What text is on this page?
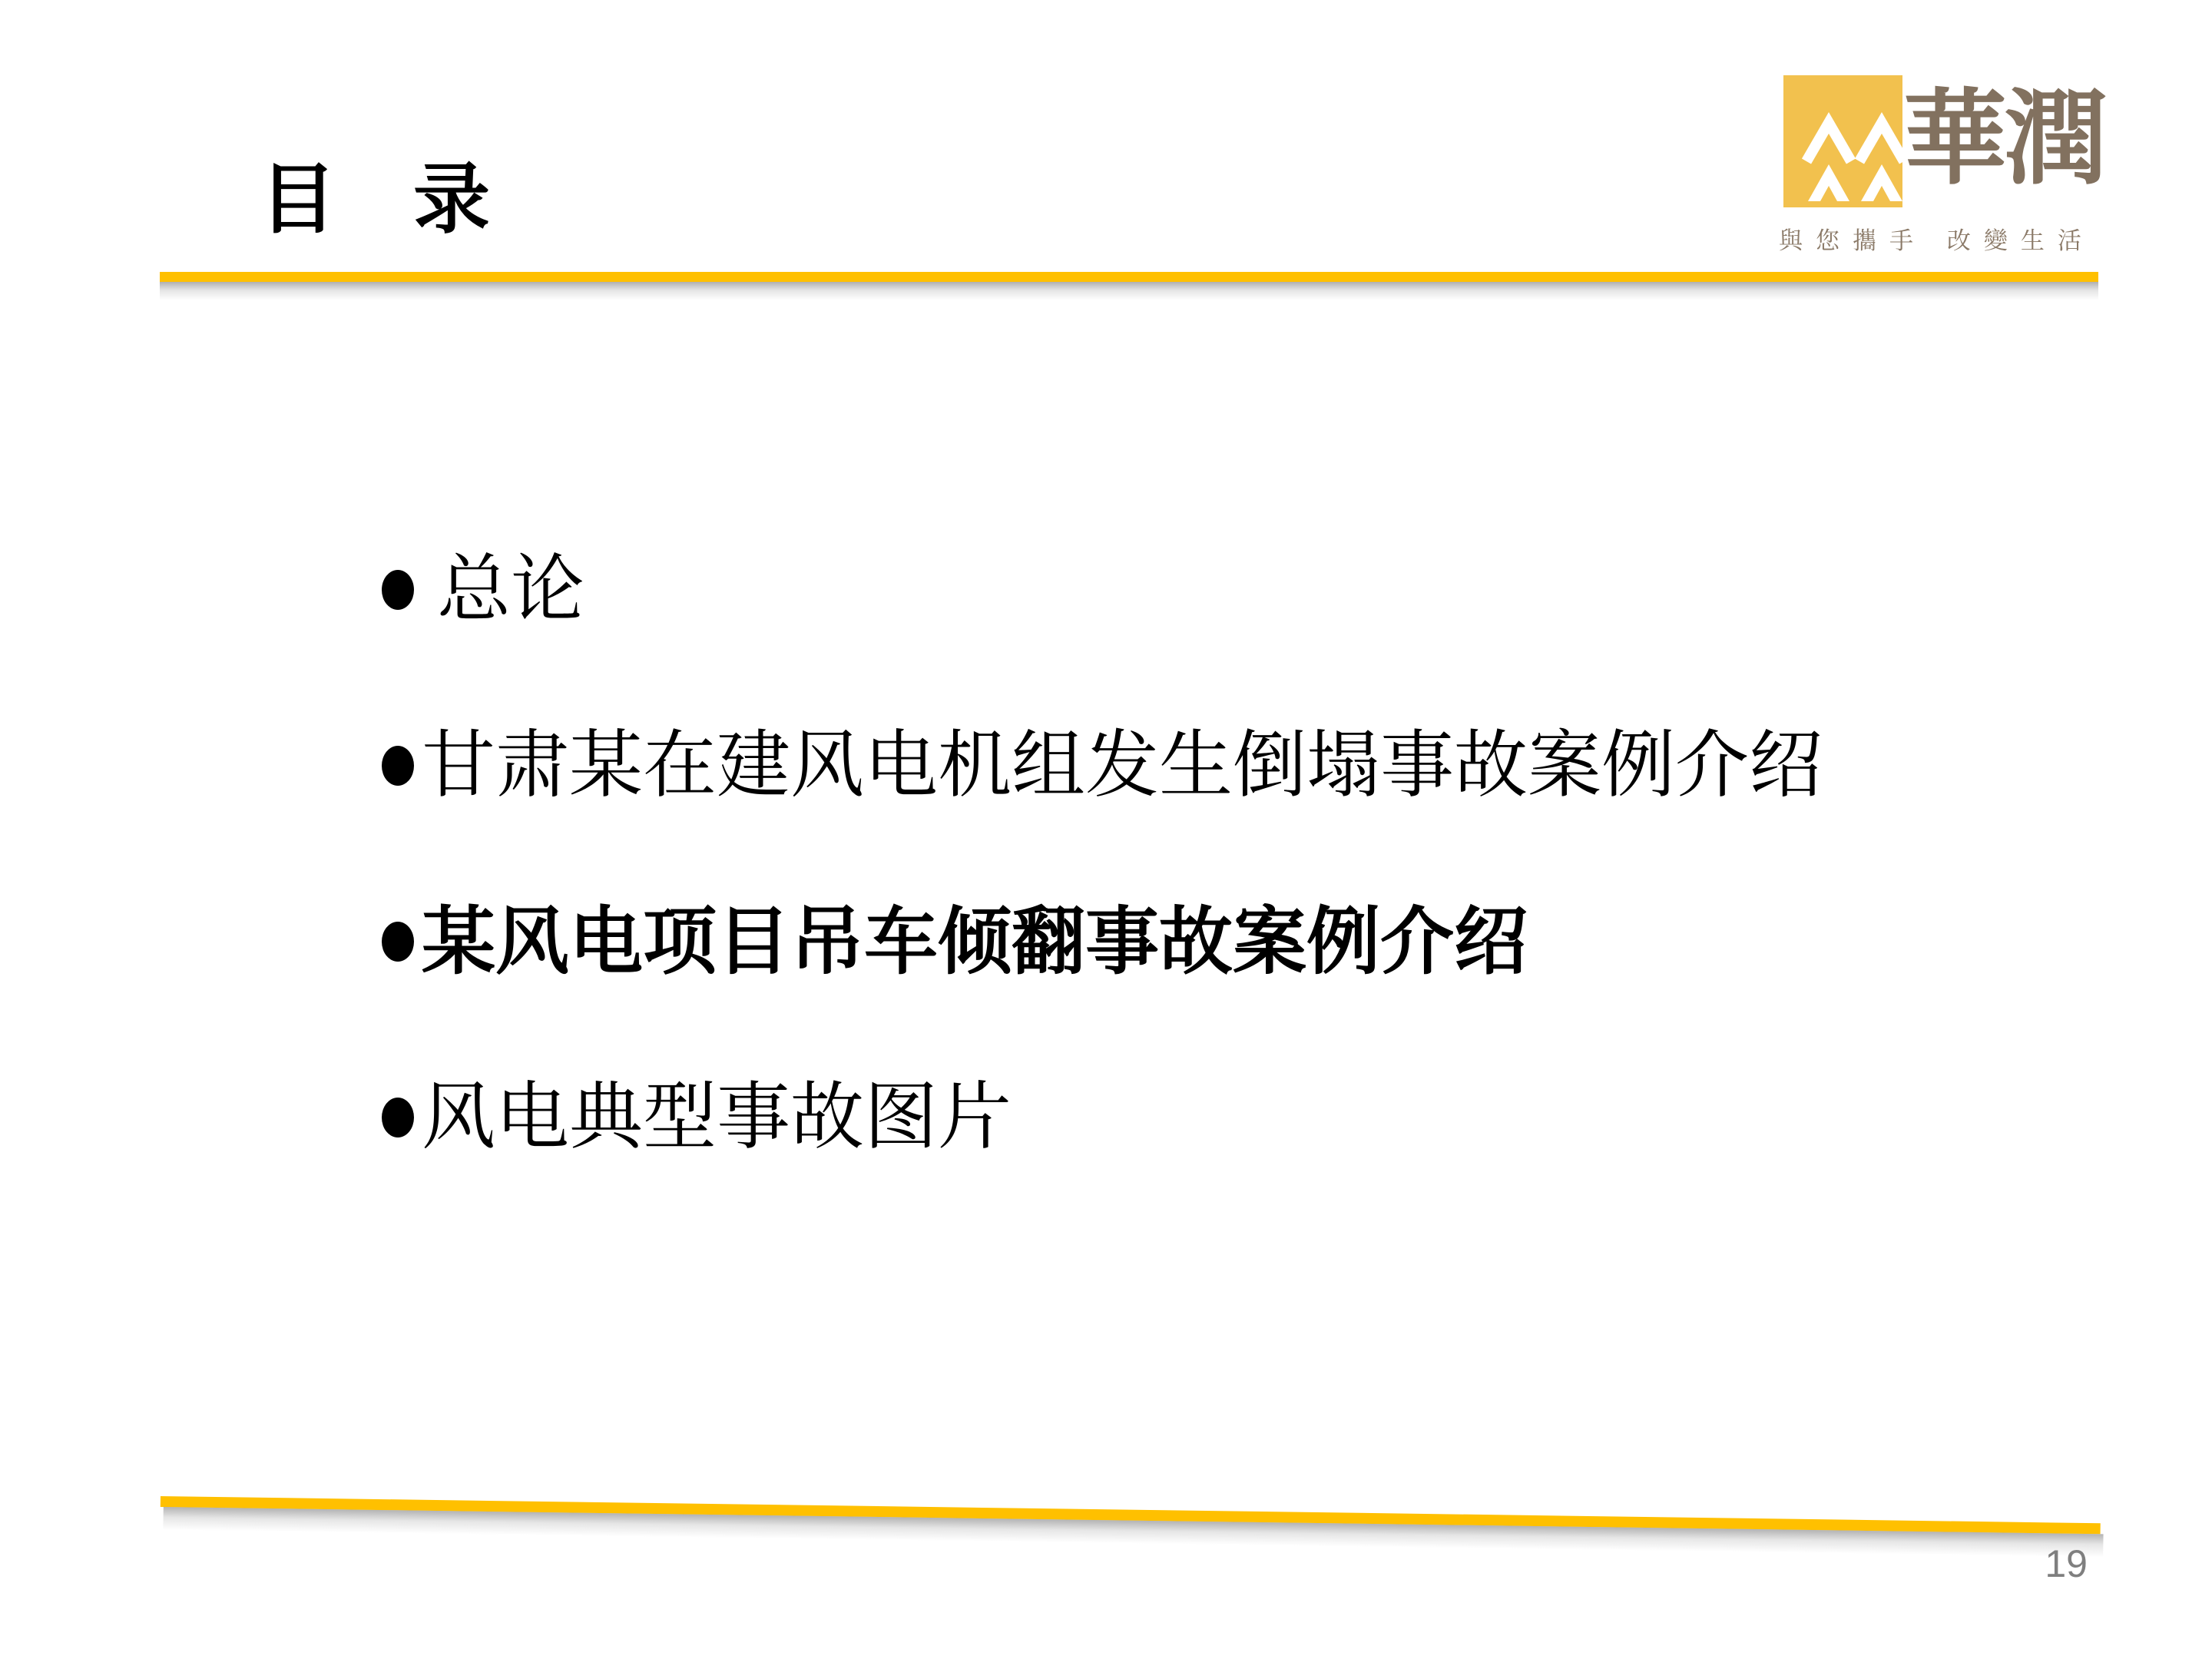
目　录
華潤
與您攜手 改變生活
总论
甘肃某在建风电机组发生倒塌事故案例介绍
某风电项目吊车倾翻事故案例介绍
风电典型事故图片
19
